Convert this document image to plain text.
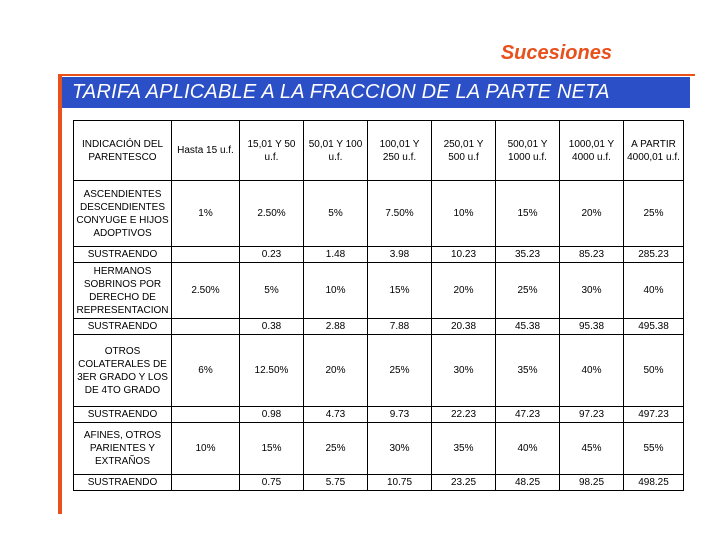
Sucesiones
TARIFA APLICABLE A LA FRACCION DE LA PARTE NETA
INDICACIÓN DEL PARENTESCO	Hasta 15 u.f.	15,01 Y 50 u.f.	50,01 Y 100 u.f.	100,01 Y 250 u.f.	250,01 Y 500 u.f	500,01 Y 1000 u.f.	1000,01 Y 4000 u.f.	A PARTIR 4000,01 u.f.
ASCENDIENTES DESCENDIENTES CONYUGE E HIJOS ADOPTIVOS	1%	2.50%	5%	7.50%	10%	15%	20%	25%
SUSTRAENDO		0.23	1.48	3.98	10.23	35.23	85.23	285.23
HERMANOS SOBRINOS POR DERECHO DE REPRESENTACION	2.50%	5%	10%	15%	20%	25%	30%	40%
SUSTRAENDO		0.38	2.88	7.88	20.38	45.38	95.38	495.38
OTROS COLATERALES DE 3ER GRADO Y LOS DE 4TO GRADO	6%	12.50%	20%	25%	30%	35%	40%	50%
SUSTRAENDO		0.98	4.73	9.73	22.23	47.23	97.23	497.23
AFINES, OTROS PARIENTES Y EXTRAÑOS	10%	15%	25%	30%	35%	40%	45%	55%
SUSTRAENDO		0.75	5.75	10.75	23.25	48.25	98.25	498.25
